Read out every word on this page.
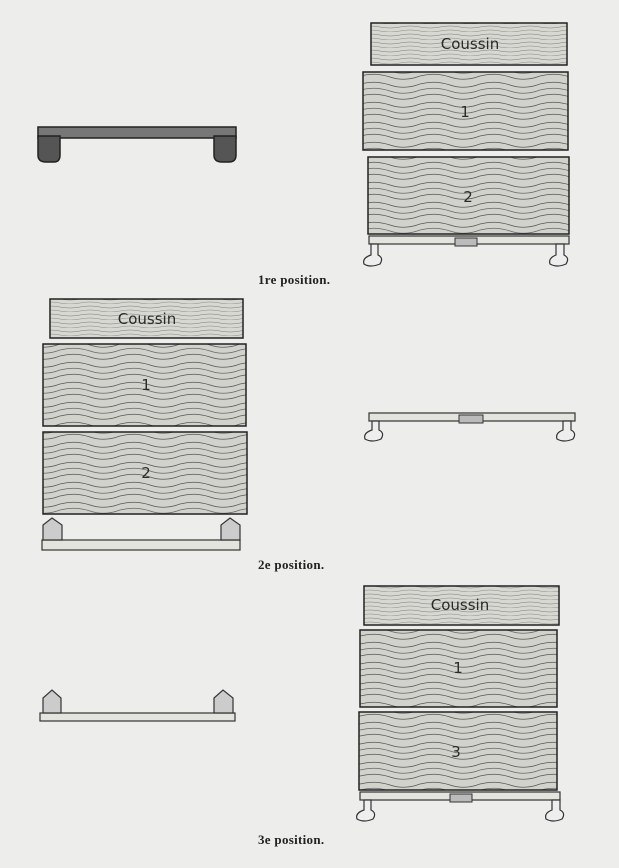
Coussin
1
2
Coussin
1
2
Coussin
1
3
1re position.
2e position.
3e position.
